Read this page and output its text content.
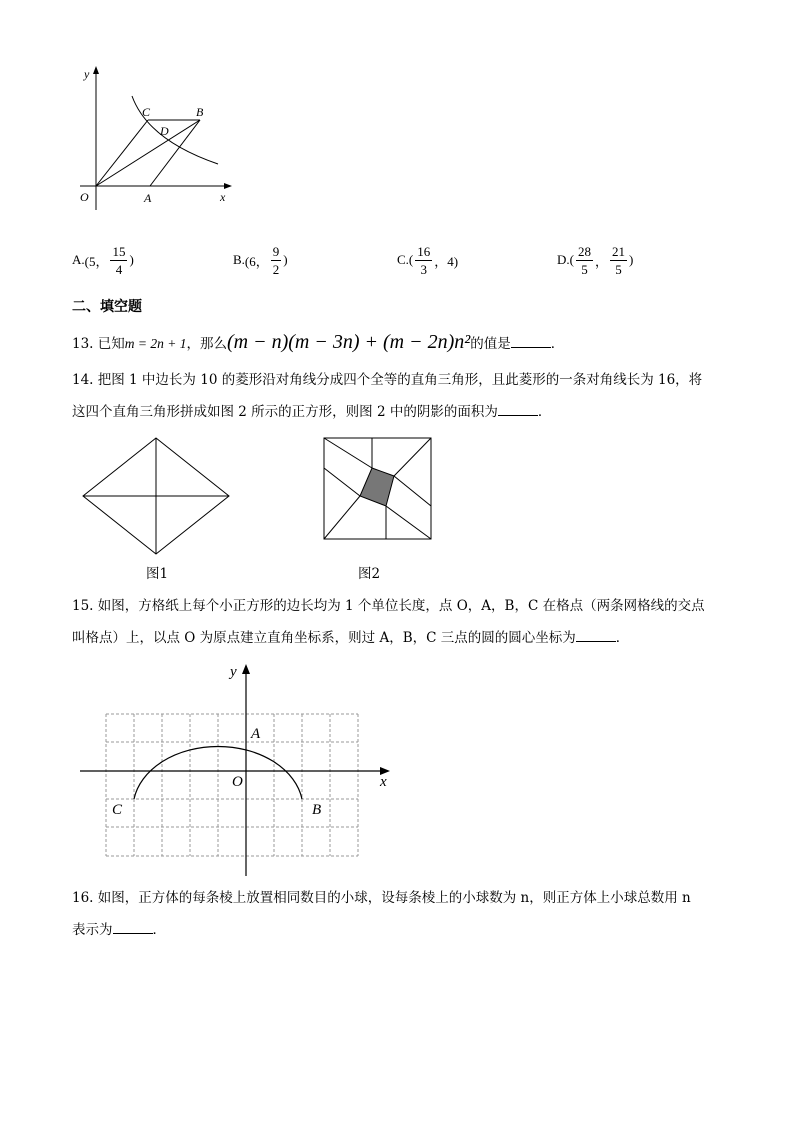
y
x
O	A
B
C
D
A. (5， $\frac{15}{4}$ )	B. (6， $\frac{9}{2}$ )	C. ( $\frac{16}{3}$ ，4)	D. ( $\frac{28}{5}$ ， $\frac{21}{5}$ )
二、填空题
13. 已知m = 2n + 1，那么(m − n)(m − 3n) + (m − 2n)n²的值是	．
14. 把图 1 中边长为 10 的菱形沿对角线分成四个全等的直角三角形，且此菱形的一条对角线长为 16，将
这四个直角三角形拼成如图 2 所示的正方形，则图 2 中的阴影的面积为	．
图1	图2
15. 如图，方格纸上每个小正方形的边长均为 1 个单位长度，点 O，A，B，C 在格点（两条网格线的交点
叫格点）上，以点 O 为原点建立直角坐标系，则过 A，B，C 三点的圆的圆心坐标为	．
y
x
O
A
B
C
16. 如图，正方体的每条棱上放置相同数目的小球，设每条棱上的小球数为 n，则正方体上小球总数用 n
表示为	．
